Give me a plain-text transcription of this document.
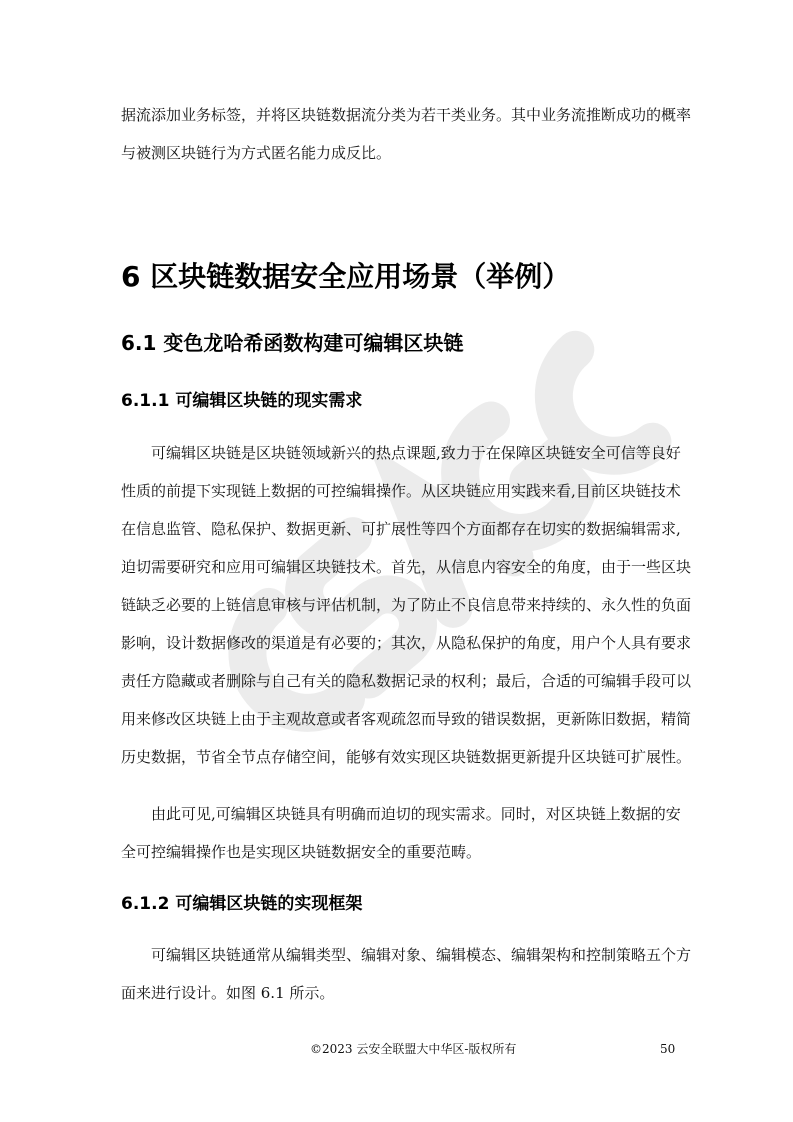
据流添加业务标签，并将区块链数据流分类为若干类业务。其中业务流推断成功的概率
与被测区块链行为方式匿名能力成反比。
6 区块链数据安全应用场景（举例）
6.1 变色龙哈希函数构建可编辑区块链
6.1.1 可编辑区块链的现实需求
可编辑区块链是区块链领域新兴的热点课题,致力于在保障区块链安全可信等良好
性质的前提下实现链上数据的可控编辑操作。从区块链应用实践来看,目前区块链技术
在信息监管、隐私保护、数据更新、可扩展性等四个方面都存在切实的数据编辑需求,
迫切需要研究和应用可编辑区块链技术。首先，从信息内容安全的角度，由于一些区块
链缺乏必要的上链信息审核与评估机制，为了防止不良信息带来持续的、永久性的负面
影响，设计数据修改的渠道是有必要的；其次，从隐私保护的角度，用户个人具有要求
责任方隐藏或者删除与自己有关的隐私数据记录的权利；最后，合适的可编辑手段可以
用来修改区块链上由于主观故意或者客观疏忽而导致的错误数据，更新陈旧数据，精简
历史数据，节省全节点存储空间，能够有效实现区块链数据更新提升区块链可扩展性。
由此可见,可编辑区块链具有明确而迫切的现实需求。同时，对区块链上数据的安
全可控编辑操作也是实现区块链数据安全的重要范畴。
6.1.2 可编辑区块链的实现框架
可编辑区块链通常从编辑类型、编辑对象、编辑模态、编辑架构和控制策略五个方
面来进行设计。如图 6.1 所示。
©2023 云安全联盟大中华区-版权所有	50
